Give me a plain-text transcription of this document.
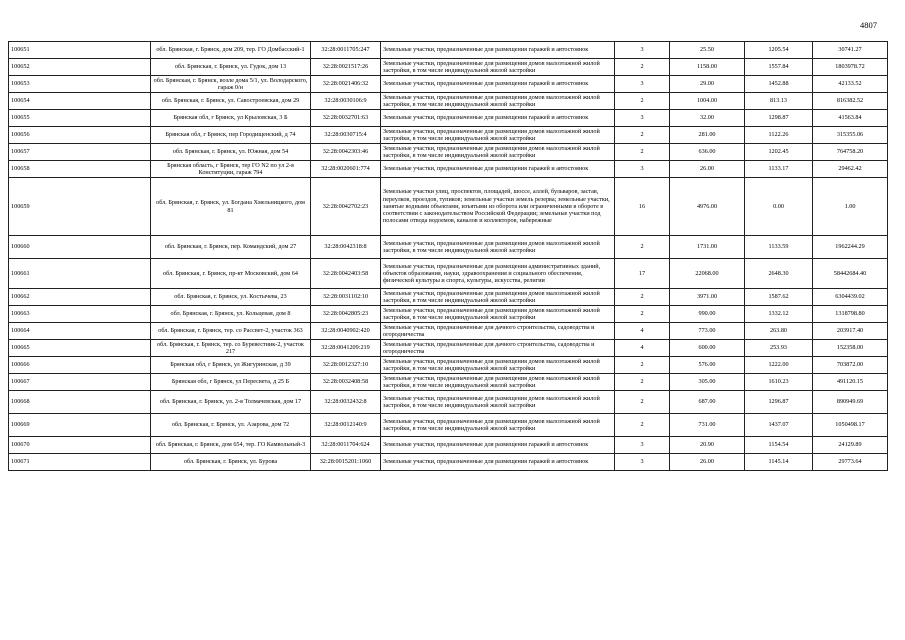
4807
100651	обл. Брянская, г. Брянск, дом 209, тер. ГО Домбасский-1	32:28:0011705:247	Земельные участки, предназначенные для размещения гаражей и автостоянок	3	25.50	1205.54	30741.27
100652	обл. Брянская, г. Брянск, ул. Гудок, дом 13	32:28:0021517:26	Земельные участки, предназначенные для размещения домов малоэтажной жилой застройки, в том числе индивидуальной жилой застройки	2	1158.00	1557.84	1803978.72
100653	обл. Брянская, г. Брянск, возле дома 5/1, ул. Володарского, гараж 0/н	32:28:0021406:32	Земельные участки, предназначенные для размещения гаражей и автостоянок	3	29.00	1452.88	42133.52
100654	обл. Брянская, г. Брянск, ул. Савостроевская, дом 29	32:28:0030106:9	Земельные участки, предназначенные для размещения домов малоэтажной жилой застройки, в том числе индивидуальной жилой застройки	2	1004.00	813.13	816382.52
100655	Брянская обл, г Брянск, ул Крыловская, 3 Б	32:28:0032701:63	Земельные участки, предназначенные для размещения гаражей и автостоянок	3	32.00	1298.87	41563.84
100656	Брянская обл, г Брянск, пер Городищенский, д 74	32:28:0030715:4	Земельные участки, предназначенные для размещения домов малоэтажной жилой застройки, в том числе индивидуальной жилой застройки	2	281.00	1122.26	315355.06
100657	обл. Брянская, г. Брянск, ул. Южная, дом 54	32:28:0042303:46	Земельные участки, предназначенные для размещения домов малоэтажной жилой застройки, в том числе индивидуальной жилой застройки	2	636.00	1202.45	764758.20
100658	Брянская область, г Брянск, тер ГО N2 по ул 2-я Конституции, гараж 794	32:28:0020601:774	Земельные участки, предназначенные для размещения гаражей и автостоянок	3	26.00	1133.17	29462.42
100659	обл. Брянская, г. Брянск, ул. Богдана Хмельницкого, дом 81	32:28:0042702:23	Земельные участки улиц, проспектов, площадей, шоссе, аллей, бульваров, застав, переулков, проездов, тупиков; земельные участки земель резерва; земельные участки, занятые водными объектами, изъятыми из оборота или ограниченными в обороте в соответствии с законодательством Российской Федерации; земельные участки под полосами отвода водоемов, каналов и коллекторов, набережные	16	4976.00	0.00	1.00
100660	обл. Брянская, г. Брянск, пер. Командский, дом 27	32:28:0042318:8	Земельные участки, предназначенные для размещения домов малоэтажной жилой застройки, в том числе индивидуальной жилой застройки	2	1731.00	1133.59	1962244.29
100661	обл. Брянская, г. Брянск, пр-кт Московский, дом 64	32:28:0042403:58	Земельные участки, предназначенные для размещения административных зданий, объектов образования, науки, здравоохранения и социального обеспечения, физической культуры и спорта, культуры, искусства, религии	17	22068.00	2648.30	58442684.40
100662	обл. Брянская, г. Брянск, ул. Костычева, 23	32:28:0031102:10	Земельные участки, предназначенные для размещения домов малоэтажной жилой застройки, в том числе индивидуальной жилой застройки	2	3971.00	1587.62	6304439.02
100663	обл. Брянская, г. Брянск, ул. Кольцевая, дом 8	32:28:0042805:23	Земельные участки, предназначенные для размещения домов малоэтажной жилой застройки, в том числе индивидуальной жилой застройки	2	990.00	1332.12	1318798.80
100664	обл. Брянская, г. Брянск, тер. со Рассвет-2, участок 363	32:28:0040902:420	Земельные участки, предназначенные для дачного строительства, садоводства и огородничества	4	773.00	263.80	203917.40
100665	обл. Брянская, г. Брянск, тер. со Буревестник-2, участок 217	32:28:0041209:219	Земельные участки, предназначенные для дачного строительства, садоводства и огородничества	4	600.00	253.93	152358.00
100666	Брянская обл, г Брянск, ул Жигуринская, д 39	32:28:0012327:10	Земельные участки, предназначенные для размещения домов малоэтажной жилой застройки, в том числе индивидуальной жилой застройки	2	576.00	1222.00	703872.00
100667	Брянская обл, г Брянск, ул Пересвета, д 25 Б	32:28:0032408:58	Земельные участки, предназначенные для размещения домов малоэтажной жилой застройки, в том числе индивидуальной жилой застройки	2	305.00	1610.23	491120.15
100668	обл. Брянская, г. Брянск, ул. 2-я Толмачевская, дом 17	32:28:0032432:8	Земельные участки, предназначенные для размещения домов малоэтажной жилой застройки, в том числе индивидуальной жилой застройки	2	687.00	1296.87	890949.69
100669	обл. Брянская, г. Брянск, ул. Азарова, дом 72	32:28:0012140:9	Земельные участки, предназначенные для размещения домов малоэтажной жилой застройки, в том числе индивидуальной жилой застройки	2	731.00	1437.07	1050498.17
100670	обл. Брянская, г. Брянск, дом 654, тер. ГО Камвольный-3	32:28:0011704:624	Земельные участки, предназначенные для размещения гаражей и автостоянок	3	20.90	1154.54	24129.89
100671	обл. Брянская, г. Брянск, ул. Бурова	32:28:0015201:1060	Земельные участки, предназначенные для размещения гаражей и автостоянок	3	26.00	1145.14	29773.64
